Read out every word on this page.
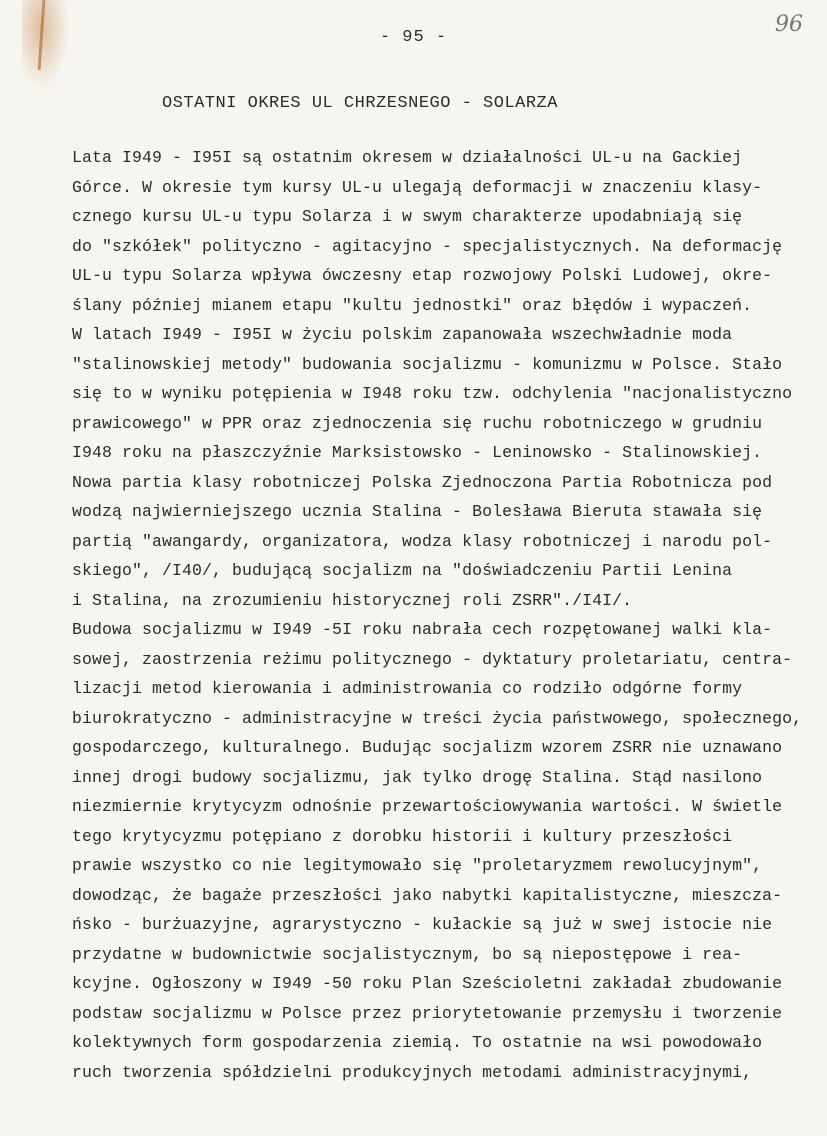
- 95 -
96
OSTATNI OKRES UL CHRZESNEGO - SOLARZA
Lata I949 - I95I są ostatnim okresem w działalności UL-u na Gackiej
Górce. W okresie tym kursy UL-u ulegają deformacji w znaczeniu klasy-
cznego kursu UL-u typu Solarza i w swym charakterze upodabniają się
do "szkółek" polityczno - agitacyjno - specjalistycznych. Na deformację
UL-u typu Solarza wpływa ówczesny etap rozwojowy Polski Ludowej, okre-
ślany później mianem etapu "kultu jednostki" oraz błędów i wypaczeń.
W latach I949 - I95I w życiu polskim zapanowała wszechwładnie moda
"stalinowskiej metody" budowania socjalizmu - komunizmu w Polsce. Stało
się to w wyniku potępienia w I948 roku tzw. odchylenia "nacjonalistyczno
prawicowego" w PPR oraz zjednoczenia się ruchu robotniczego w grudniu
I948 roku na płaszczyźnie Marksistowsko - Leninowsko - Stalinowskiej.
Nowa partia klasy robotniczej Polska Zjednoczona Partia Robotnicza pod
wodzą najwierniejszego ucznia Stalina - Bolesława Bieruta stawała się
partią "awangardy, organizatora, wodza klasy robotniczej i narodu pol-
skiego", /I40/, budującą socjalizm na "doświadczeniu Partii Lenina
i Stalina, na zrozumieniu historycznej roli ZSRR"./I4I/.
Budowa socjalizmu w I949 -5I roku nabrała cech rozpętowanej walki kla-
sowej, zaostrzenia reżimu politycznego - dyktatury proletariatu, centra-
lizacji metod kierowania i administrowania co rodziło odgórne formy
biurokratyczno - administracyjne w treści życia państwowego, społecznego,
gospodarczego, kulturalnego. Budując socjalizm wzorem ZSRR nie uznawano
innej drogi budowy socjalizmu, jak tylko drogę Stalina. Stąd nasilono
niezmiernie krytycyzm odnośnie przewartościowywania wartości. W świetle
tego krytycyzmu potępiano z dorobku historii i kultury przeszłości
prawie wszystko co nie legitymowało się "proletaryzmem rewolucyjnym",
dowodząc, że bagaże przeszłości jako nabytki kapitalistyczne, mieszcza-
ńsko - burżuazyjne, agrarystyczno - kułackie są już w swej istocie nie
przydatne w budownictwie socjalistycznym, bo są niepostępowe i rea-
kcyjne. Ogłoszony w I949 -50 roku Plan Sześcioletni zakładał zbudowanie
podstaw socjalizmu w Polsce przez priorytetowanie przemysłu i tworzenie
kolektywnych form gospodarzenia ziemią. To ostatnie na wsi powodowało
ruch tworzenia spółdzielni produkcyjnych metodami administracyjnymi,
